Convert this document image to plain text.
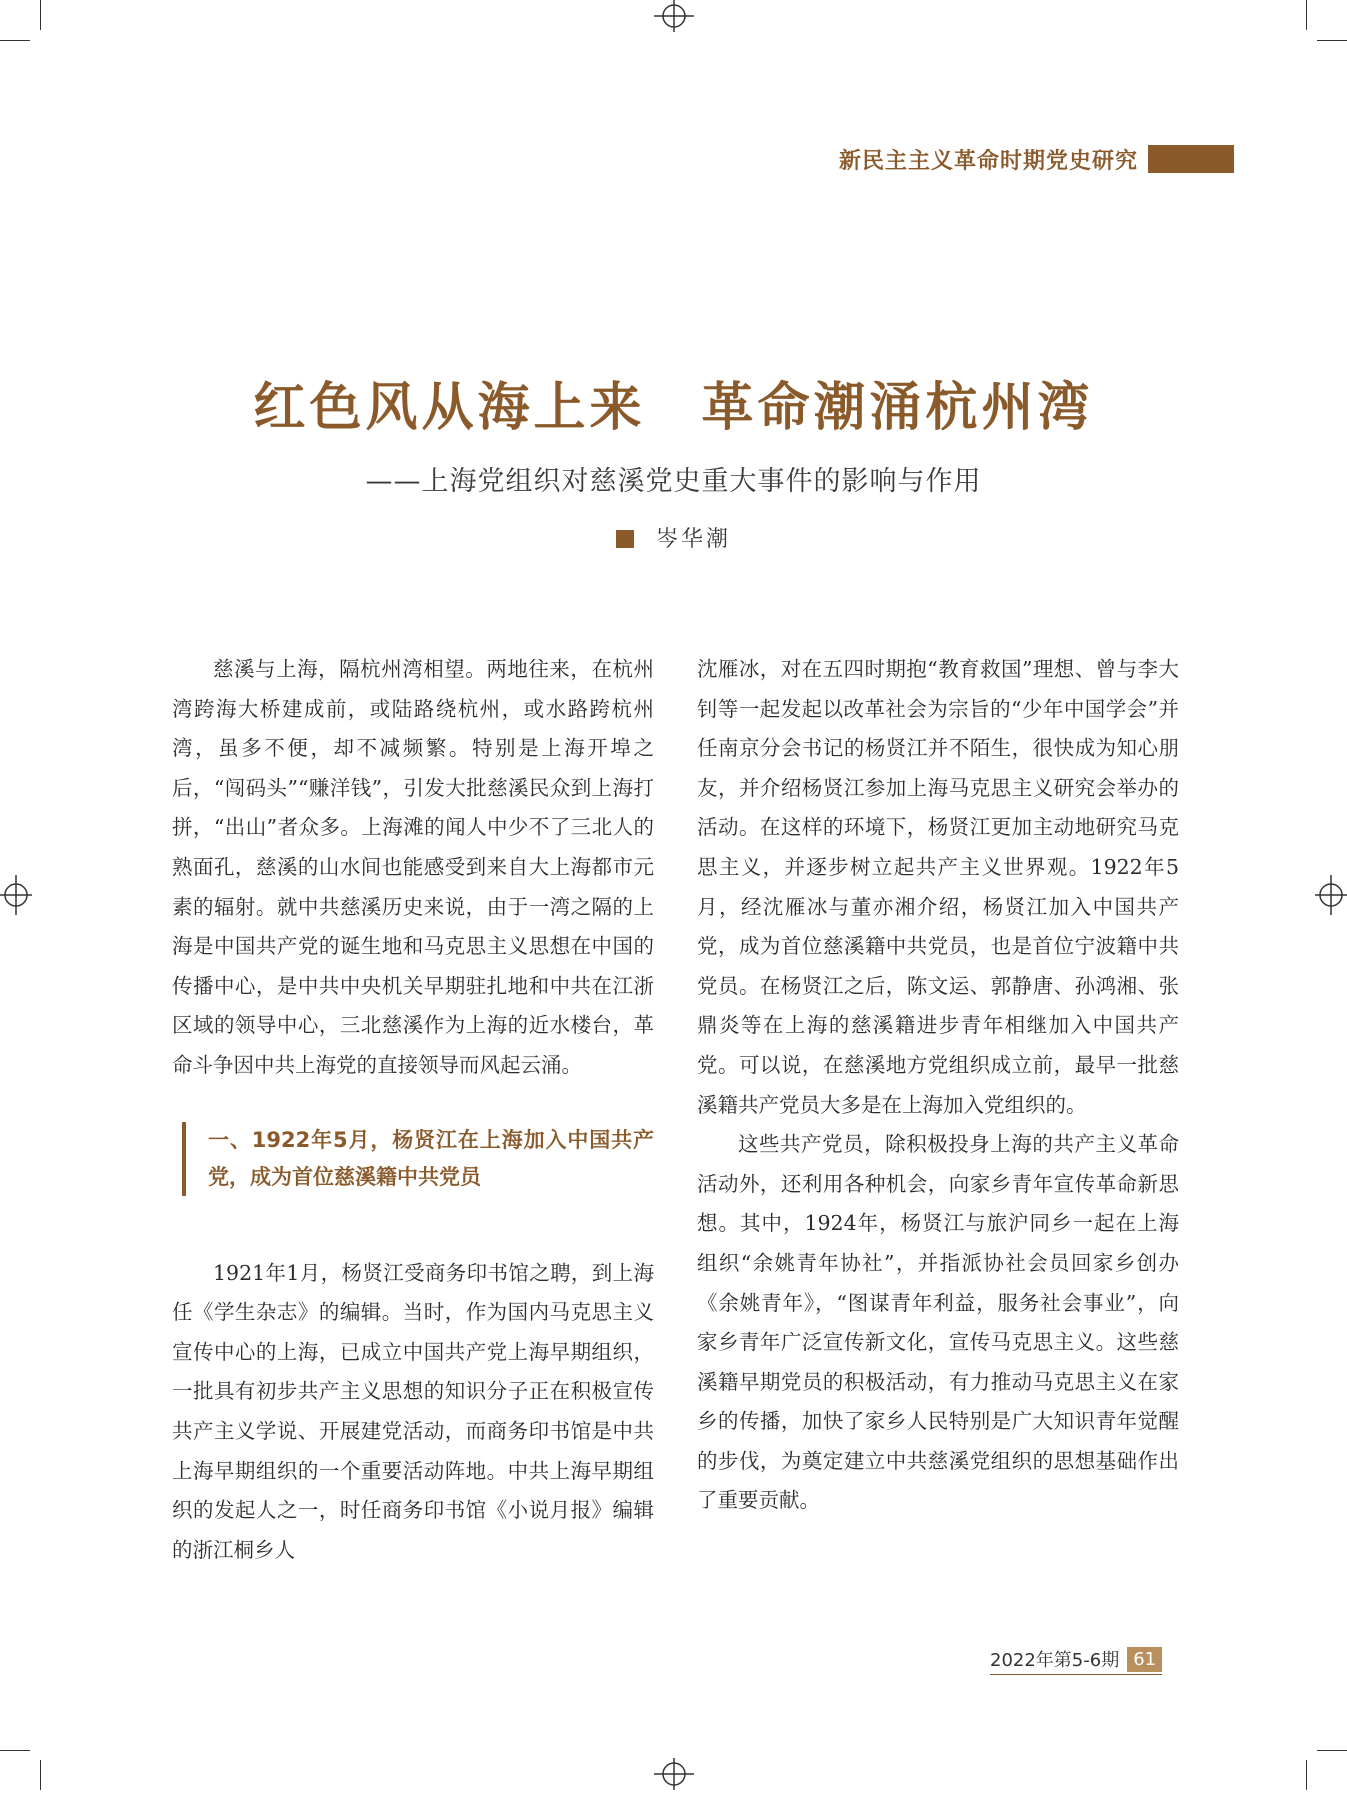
新民主主义革命时期党史研究
红色风从海上来　革命潮涌杭州湾
——上海党组织对慈溪党史重大事件的影响与作用
岑华潮

慈溪与上海，隔杭州湾相望。两地往来，在杭州湾跨海大桥建成前，或陆路绕杭州，或水路跨杭州湾，虽多不便，却不减频繁。特别是上海开埠之后，“闯码头”“赚洋钱”，引发大批慈溪民众到上海打拼，“出山”者众多。上海滩的闻人中少不了三北人的熟面孔，慈溪的山水间也能感受到来自大上海都市元素的辐射。就中共慈溪历史来说，由于一湾之隔的上海是中国共产党的诞生地和马克思主义思想在中国的传播中心，是中共中央机关早期驻扎地和中共在江浙区域的领导中心，三北慈溪作为上海的近水楼台，革命斗争因中共上海党的直接领导而风起云涌。

一、1922年5月，杨贤江在上海加入中国共产党，成为首位慈溪籍中共党员

1921年1月，杨贤江受商务印书馆之聘，到上海任《学生杂志》的编辑。当时，作为国内马克思主义宣传中心的上海，已成立中国共产党上海早期组织，一批具有初步共产主义思想的知识分子正在积极宣传共产主义学说、开展建党活动，而商务印书馆是中共上海早期组织的一个重要活动阵地。中共上海早期组织的发起人之一，时任商务印书馆《小说月报》编辑的浙江桐乡人

沈雁冰，对在五四时期抱“教育救国”理想、曾与李大钊等一起发起以改革社会为宗旨的“少年中国学会”并任南京分会书记的杨贤江并不陌生，很快成为知心朋友，并介绍杨贤江参加上海马克思主义研究会举办的活动。在这样的环境下，杨贤江更加主动地研究马克思主义，并逐步树立起共产主义世界观。1922年5月，经沈雁冰与董亦湘介绍，杨贤江加入中国共产党，成为首位慈溪籍中共党员，也是首位宁波籍中共党员。在杨贤江之后，陈文运、郭静唐、孙鸿湘、张鼎炎等在上海的慈溪籍进步青年相继加入中国共产党。可以说，在慈溪地方党组织成立前，最早一批慈溪籍共产党员大多是在上海加入党组织的。

这些共产党员，除积极投身上海的共产主义革命活动外，还利用各种机会，向家乡青年宣传革命新思想。其中，1924年，杨贤江与旅沪同乡一起在上海组织“余姚青年协社”，并指派协社会员回家乡创办《余姚青年》，“图谋青年利益，服务社会事业”，向家乡青年广泛宣传新文化，宣传马克思主义。这些慈溪籍早期党员的积极活动，有力推动马克思主义在家乡的传播，加快了家乡人民特别是广大知识青年觉醒的步伐，为奠定建立中共慈溪党组织的思想基础作出了重要贡献。

2022年第5-6期 61
